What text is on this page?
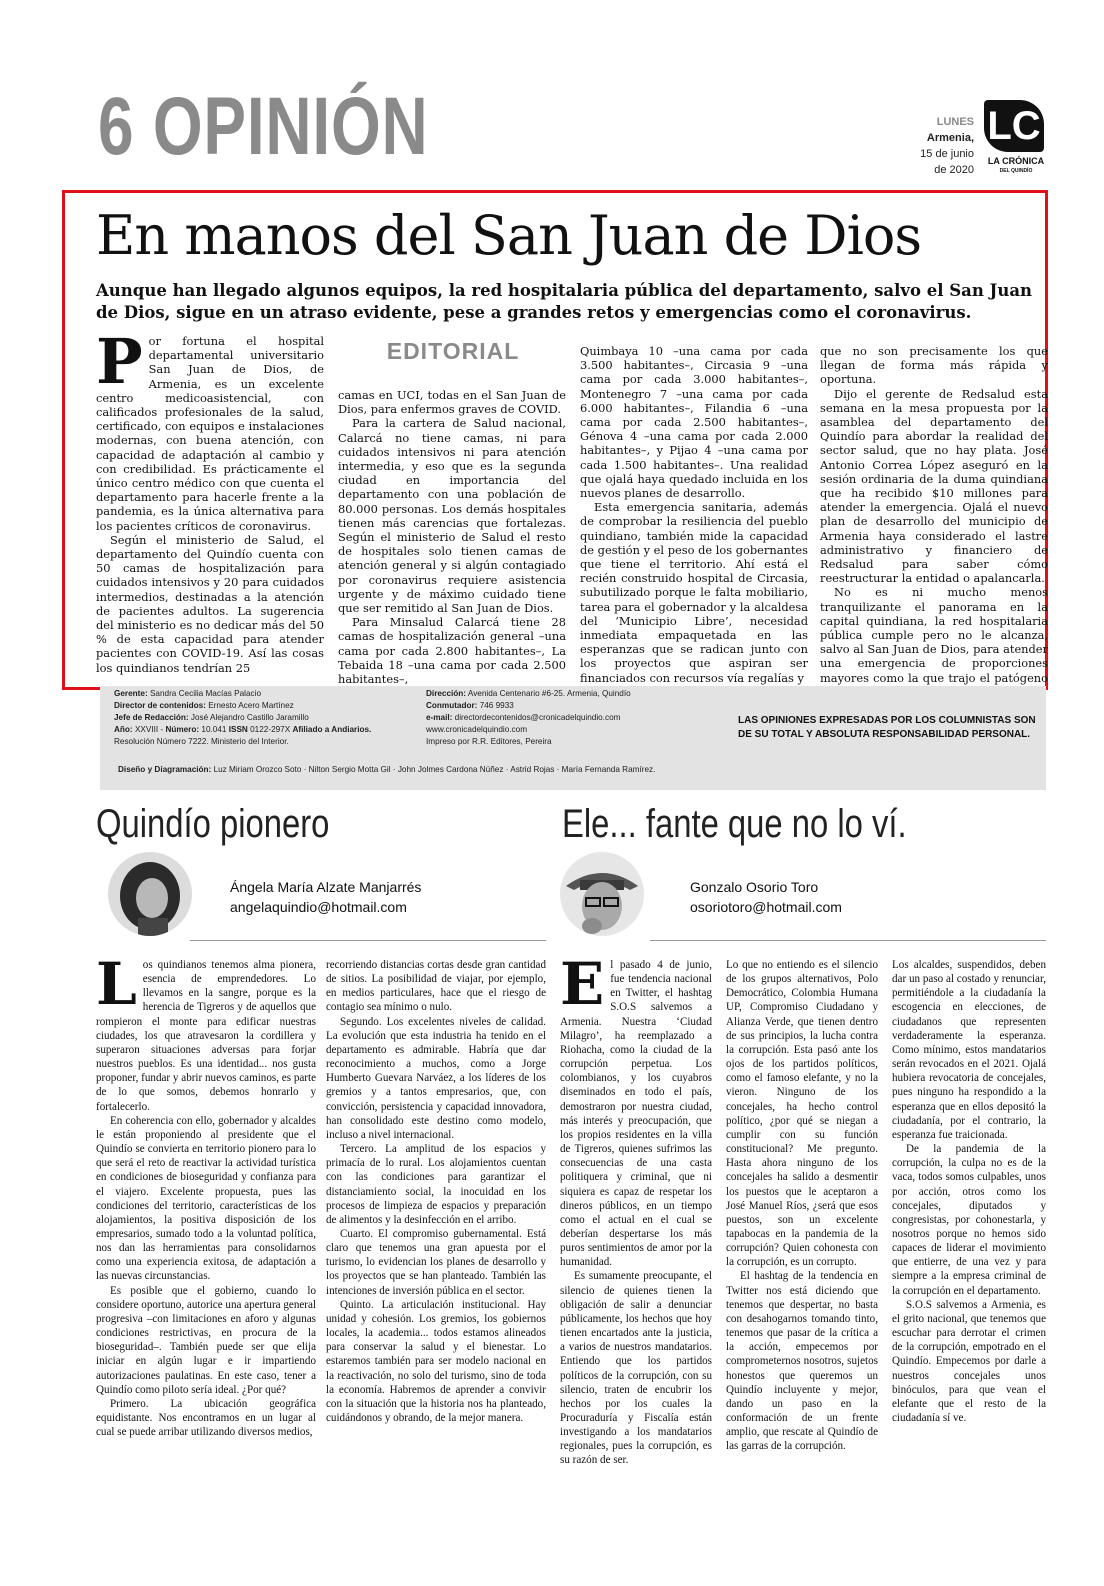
6 OPINIÓN	LUNES
Armenia,
15 de junio
de 2020
LC
LA CRÓNICA
DEL QUINDÍO
En manos del San Juan de Dios
Aunque han llegado algunos equipos, la red hospitalaria pública del departamento, salvo el San Juan de Dios, sigue en un atraso evidente, pese a grandes retos y emergencias como el coronavirus.
P or fortuna el hospital departamental universitario San Juan de Dios, de Armenia, es un excelente centro medicoasistencial, con calificados profesionales de la salud, certificado, con equipos e instalaciones modernas, con buena atención, con capacidad de adaptación al cambio y con credibilidad. Es prácticamente el único centro médico con que cuenta el departamento para hacerle frente a la pandemia, es la única alternativa para los pacientes críticos de coronavirus.

Según el ministerio de Salud, el departamento del Quindío cuenta con 50 camas de hospitalización para cuidados intensivos y 20 para cuidados intermedios, destinadas a la atención de pacientes adultos. La sugerencia del ministerio es no dedicar más del 50 % de esta capacidad para atender pacientes con COVID-19. Así las cosas los quindianos tendrían 25

EDITORIAL

camas en UCI, todas en el San Juan de Dios, para enfermos graves de COVID.

Para la cartera de Salud nacional, Calarcá no tiene camas, ni para cuidados intensivos ni para atención intermedia, y eso que es la segunda ciudad en importancia del departamento con una población de 80.000 personas. Los demás hospitales tienen más carencias que fortalezas. Según el ministerio de Salud el resto de hospitales solo tienen camas de atención general y si algún contagiado por coronavirus requiere asistencia urgente y de máximo cuidado tiene que ser remitido al San Juan de Dios.

Para Minsalud Calarcá tiene 28 camas de hospitalización general –una cama por cada 2.800 habitantes–, La Tebaida 18 –una cama por cada 2.500 habitantes–,

Quimbaya 10 –una cama por cada 3.500 habitantes–, Circasia 9 –una cama por cada 3.000 habitantes–, Montenegro 7 –una cama por cada 6.000 habitantes–, Filandia 6 –una cama por cada 2.500 habitantes–, Génova 4 –una cama por cada 2.000 habitantes–, y Pijao 4 –una cama por cada 1.500 habitantes–. Una realidad que ojalá haya quedado incluida en los nuevos planes de desarrollo.

Esta emergencia sanitaria, además de comprobar la resiliencia del pueblo quindiano, también mide la capacidad de gestión y el peso de los gobernantes que tiene el territorio. Ahí está el recién construido hospital de Circasia, subutilizado porque le falta mobiliario, tarea para el gobernador y la alcaldesa del ‘Municipio Libre’, necesidad inmediata empaquetada en las esperanzas que se radican junto con los proyectos que aspiran ser financiados con recursos vía regalías y

que no son precisamente los que llegan de forma más rápida y oportuna.

Dijo el gerente de Redsalud esta semana en la mesa propuesta por la asamblea del departamento del Quindío para abordar la realidad del sector salud, que no hay plata. José Antonio Correa López aseguró en la sesión ordinaria de la duma quindiana que ha recibido $10 millones para atender la emergencia. Ojalá el nuevo plan de desarrollo del municipio de Armenia haya considerado el lastre administrativo y financiero de Redsalud para saber cómo reestructurar la entidad o apalancarla.

No es ni mucho menos tranquilizante el panorama en la capital quindiana, la red hospitalaria pública cumple pero no le alcanza, salvo al San Juan de Dios, para atender una emergencia de proporciones mayores como la que trajo el patógeno

Gerente: Sandra Cecilia Macías Palacio
Director de contenidos: Ernesto Acero Martínez
Jefe de Redacción: José Alejandro Castillo Jaramillo
Año: XXVIII - Número: 10.041 ISSN 0122-297X Afiliado a Andiarios.
Resolución Número 7222. Ministerio del Interior.
Dirección: Avenida Centenario #6-25. Armenia, Quindío
Conmutador: 746 9933
e-mail: directordecontenidos@cronicadelquindio.com
www.cronicadelquindio.com
Impreso por R.R. Editores, Pereira
LAS OPINIONES EXPRESADAS POR LOS COLUMNISTAS SON DE SU TOTAL Y ABSOLUTA RESPONSABILIDAD PERSONAL.
Diseño y Diagramación: Luz Miriam Orozco Soto · Nilton Sergio Motta Gil · John Jolmes Cardona Núñez · Astrid Rojas · María Fernanda Ramírez.
Quindío pionero
Ángela María Alzate Manjarrés
angelaquindio@hotmail.com
L os quindianos tenemos alma pionera, esencia de emprendedores. Lo llevamos en la sangre, porque es la herencia de Tigreros y de aquellos que rompieron el monte para edificar nuestras ciudades, los que atravesaron la cordillera y superaron situaciones adversas para forjar nuestros pueblos. Es una identidad... nos gusta proponer, fundar y abrir nuevos caminos, es parte de lo que somos, debemos honrarlo y fortalecerlo.

En coherencia con ello, gobernador y alcaldes le están proponiendo al presidente que el Quindío se convierta en territorio pionero para lo que será el reto de reactivar la actividad turística en condiciones de bioseguridad y confianza para el viajero. Excelente propuesta, pues las condiciones del territorio, características de los alojamientos, la positiva disposición de los empresarios, sumado todo a la voluntad política, nos dan las herramientas para consolidarnos como una experiencia exitosa, de adaptación a las nuevas circunstancias.

Es posible que el gobierno, cuando lo considere oportuno, autorice una apertura general progresiva –con limitaciones en aforo y algunas condiciones restrictivas, en procura de la bioseguridad–. También puede ser que elija iniciar en algún lugar e ir impartiendo autorizaciones paulatinas. En este caso, tener a Quindío como piloto sería ideal. ¿Por qué?

Primero. La ubicación geográfica equidistante. Nos encontramos en un lugar al cual se puede arribar utilizando diversos medios,

recorriendo distancias cortas desde gran cantidad de sitios. La posibilidad de viajar, por ejemplo, en medios particulares, hace que el riesgo de contagio sea mínimo o nulo.

Segundo. Los excelentes niveles de calidad. La evolución que esta industria ha tenido en el departamento es admirable. Habría que dar reconocimiento a muchos, como a Jorge Humberto Guevara Narváez, a los líderes de los gremios y a tantos empresarios, que, con convicción, persistencia y capacidad innovadora, han consolidado este destino como modelo, incluso a nivel internacional.

Tercero. La amplitud de los espacios y primacía de lo rural. Los alojamientos cuentan con las condiciones para garantizar el distanciamiento social, la inocuidad en los procesos de limpieza de espacios y preparación de alimentos y la desinfección en el arribo.

Cuarto. El compromiso gubernamental. Está claro que tenemos una gran apuesta por el turismo, lo evidencian los planes de desarrollo y los proyectos que se han planteado. También las intenciones de inversión pública en el sector.

Quinto. La articulación institucional. Hay unidad y cohesión. Los gremios, los gobiernos locales, la academia... todos estamos alineados para conservar la salud y el bienestar. Lo estaremos también para ser modelo nacional en la reactivación, no solo del turismo, sino de toda la economía. Habremos de aprender a convivir con la situación que la historia nos ha planteado, cuidándonos y obrando, de la mejor manera.

Ele... fante que no lo ví.
Gonzalo Osorio Toro
osoriotoro@hotmail.com
E l pasado 4 de junio, fue tendencia nacional en Twitter, el hashtag S.O.S salvemos a Armenia. Nuestra ‘Ciudad Milagro’, ha reemplazado a Riohacha, como la ciudad de la corrupción perpetua. Los colombianos, y los cuyabros diseminados en todo el país, demostraron por nuestra ciudad, más interés y preocupación, que los propios residentes en la villa de Tigreros, quienes sufrimos las consecuencias de una casta politiquera y criminal, que ni siquiera es capaz de respetar los dineros públicos, en un tiempo como el actual en el cual se deberían despertarse los más puros sentimientos de amor por la humanidad.

Es sumamente preocupante, el silencio de quienes tienen la obligación de salir a denunciar públicamente, los hechos que hoy tienen encartados ante la justicia, a varios de nuestros mandatarios. Entiendo que los partidos políticos de la corrupción, con su silencio, traten de encubrir los hechos por los cuales la Procuraduría y Fiscalía están investigando a los mandatarios regionales, pues la corrupción, es su razón de ser.

Lo que no entiendo es el silencio de los grupos alternativos, Polo Democrático, Colombia Humana UP, Compromiso Ciudadano y Alianza Verde, que tienen dentro de sus principios, la lucha contra la corrupción. Esta pasó ante los ojos de los partidos políticos, como el famoso elefante, y no la vieron. Ninguno de los concejales, ha hecho control político, ¿por qué se niegan a cumplir con su función constitucional? Me pregunto. Hasta ahora ninguno de los concejales ha salido a desmentir los puestos que le aceptaron a José Manuel Ríos, ¿será que esos puestos, son un excelente tapabocas en la pandemia de la corrupción? Quien cohonesta con la corrupción, es un corrupto.

El hashtag de la tendencia en Twitter nos está diciendo que tenemos que despertar, no basta con desahogarnos tomando tinto, tenemos que pasar de la crítica a la acción, empecemos por comprometernos nosotros, sujetos honestos que queremos un Quindío incluyente y mejor, dando un paso en la conformación de un frente amplio, que rescate al Quindío de las garras de la corrupción.

Los alcaldes, suspendidos, deben dar un paso al costado y renunciar, permitiéndole a la ciudadanía la escogencia en elecciones, de ciudadanos que representen verdaderamente la esperanza. Como mínimo, estos mandatarios serán revocados en el 2021. Ojalá hubiera revocatoria de concejales, pues ninguno ha respondido a la esperanza que en ellos depositó la ciudadanía, por el contrario, la esperanza fue traicionada.

De la pandemia de la corrupción, la culpa no es de la vaca, todos somos culpables, unos por acción, otros como los concejales, diputados y congresistas, por cohonestarla, y nosotros porque no hemos sido capaces de liderar el movimiento que entierre, de una vez y para siempre a la empresa criminal de la corrupción en el departamento.

S.O.S salvemos a Armenia, es el grito nacional, que tenemos que escuchar para derrotar el crimen de la corrupción, empotrado en el Quindío. Empecemos por darle a nuestros concejales unos binóculos, para que vean el elefante que el resto de la ciudadanía sí ve.
